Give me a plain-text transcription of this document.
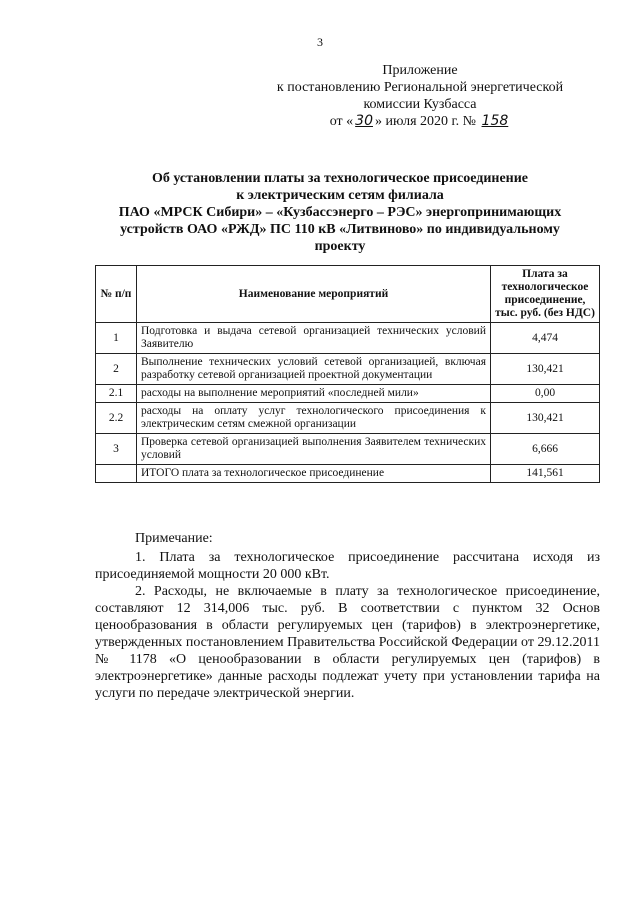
3
Приложение
к постановлению Региональной энергетической
комиссии Кузбасса
от « 30 » июля 2020 г. № 158
Об установлении платы за технологическое присоединение
к электрическим сетям филиала
ПАО «МРСК Сибири» – «Кузбассэнерго – РЭС» энергопринимающих
устройств ОАО «РЖД» ПС 110 кВ «Литвиново» по индивидуальному
проекту
№ п/п	Наименование мероприятий	Плата за технологическое присоединение, тыс. руб. (без НДС)
1	Подготовка и выдача сетевой организацией технических условий Заявителю	4,474
2	Выполнение технических условий сетевой организацией, включая разработку сетевой организацией проектной документации	130,421
2.1	расходы на выполнение мероприятий «последней мили»	0,00
2.2	расходы на оплату услуг технологического присоединения к электрическим сетям смежной организации	130,421
3	Проверка сетевой организацией выполнения Заявителем технических условий	6,666
	ИТОГО плата за технологическое присоединение	141,561

Примечание:

1. Плата за технологическое присоединение рассчитана исходя из присоединяемой мощности 20 000 кВт.

2. Расходы, не включаемые в плату за технологическое присоединение, составляют 12 314,006 тыс. руб. В соответствии с пунктом 32 Основ ценообразования в области регулируемых цен (тарифов) в электроэнергетике, утвержденных постановлением Правительства Российской Федерации от 29.12.2011 № 1178 «О ценообразовании в области регулируемых цен (тарифов) в электроэнергетике» данные расходы подлежат учету при установлении тарифа на услуги по передаче электрической энергии.
